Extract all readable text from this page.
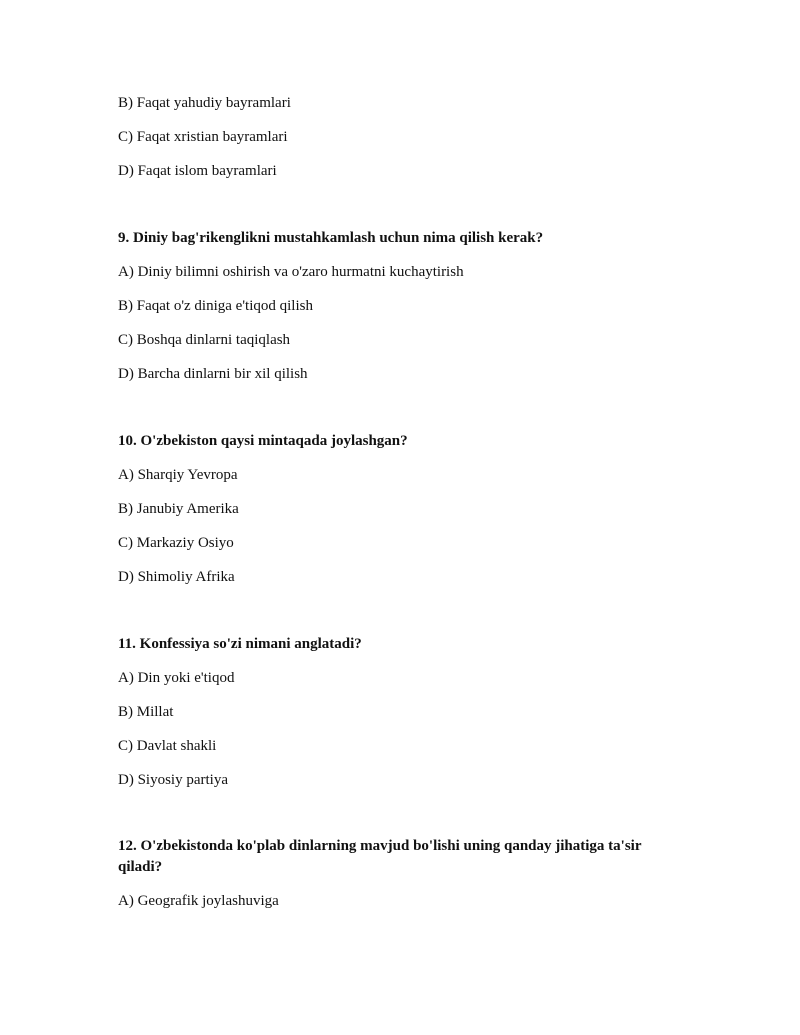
B) Faqat yahudiy bayramlari
C) Faqat xristian bayramlari
D) Faqat islom bayramlari
9. Diniy bag'rikenglikni mustahkamlash uchun nima qilish kerak?
A) Diniy bilimni oshirish va o'zaro hurmatni kuchaytirish
B) Faqat o'z diniga e'tiqod qilish
C) Boshqa dinlarni taqiqlash
D) Barcha dinlarni bir xil qilish
10. O'zbekiston qaysi mintaqada joylashgan?
A) Sharqiy Yevropa
B) Janubiy Amerika
C) Markaziy Osiyo
D) Shimoliy Afrika
11. Konfessiya so'zi nimani anglatadi?
A) Din yoki e'tiqod
B) Millat
C) Davlat shakli
D) Siyosiy partiya
12. O'zbekistonda ko'plab dinlarning mavjud bo'lishi uning qanday jihatiga ta'sir qiladi?
A) Geografik joylashuviga
